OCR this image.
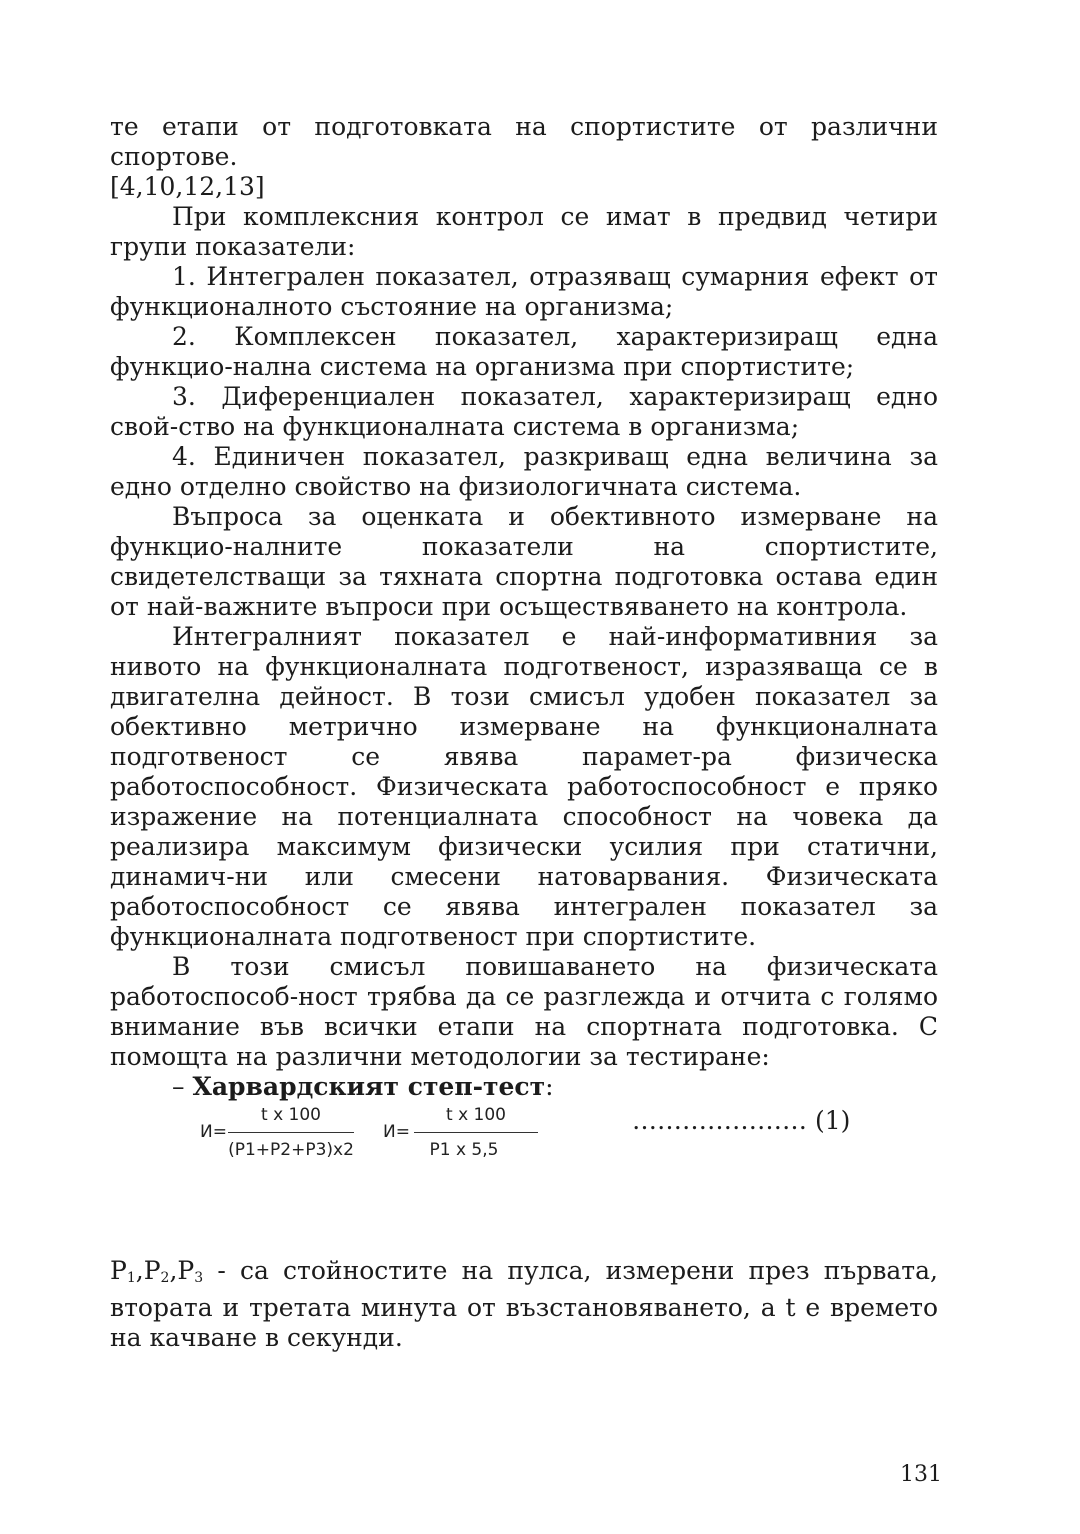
те етапи от подготовката на спортистите от различни спортове.

[4,10,12,13]

При комплексния контрол се имат в предвид четири групи показатели:

1. Интегрален показател, отразяващ сумарния ефект от функционалното състояние на организма;

2. Комплексен показател, характеризиращ една функцио-нална система на организма при спортистите;

3. Диференциален показател, характеризиращ едно свой-ство на функционалната система в организма;

4. Единичен показател, разкриващ една величина за едно отделно свойство на физиологичната система.

Въпроса за оценката и обективното измерване на функцио-налните показатели на спортистите, свидетелстващи за тяхната спортна подготовка остава един от най-важните въпроси при осъществяването на контрола.

Интегралният показател е най-информативния за нивото на функционалната подготвеност, изразяваща се в двигателна дейност. В този смисъл удобен показател за обективно метрично измерване на функционалната подготвеност се явява парамет-ра физическа работоспособност. Физическата работоспособност е пряко изражение на потенциалната способност на човека да реализира максимум физически усилия при статични, динамич-ни или смесени натоварвания. Физическата работоспособност се явява интегрален показател за функционалната подготвеност при спортистите.

В този смисъл повишаването на физическата работоспособ-ност трябва да се разглежда и отчита с голямо внимание във всички етапи на спортната подготовка. С помощта на различни методологии за тестиране:

– Харвардският степ-тест:

И=
t x 100
(P1+P2+P3)x2
И=
t x 100
P1 x 5,5
………………… (1)

$P_1,P_2,P_3$ - са стойностите на пулса, измерени през първата, втората и третата минута от възстановяването, а t е времето на качване в секунди.

131
